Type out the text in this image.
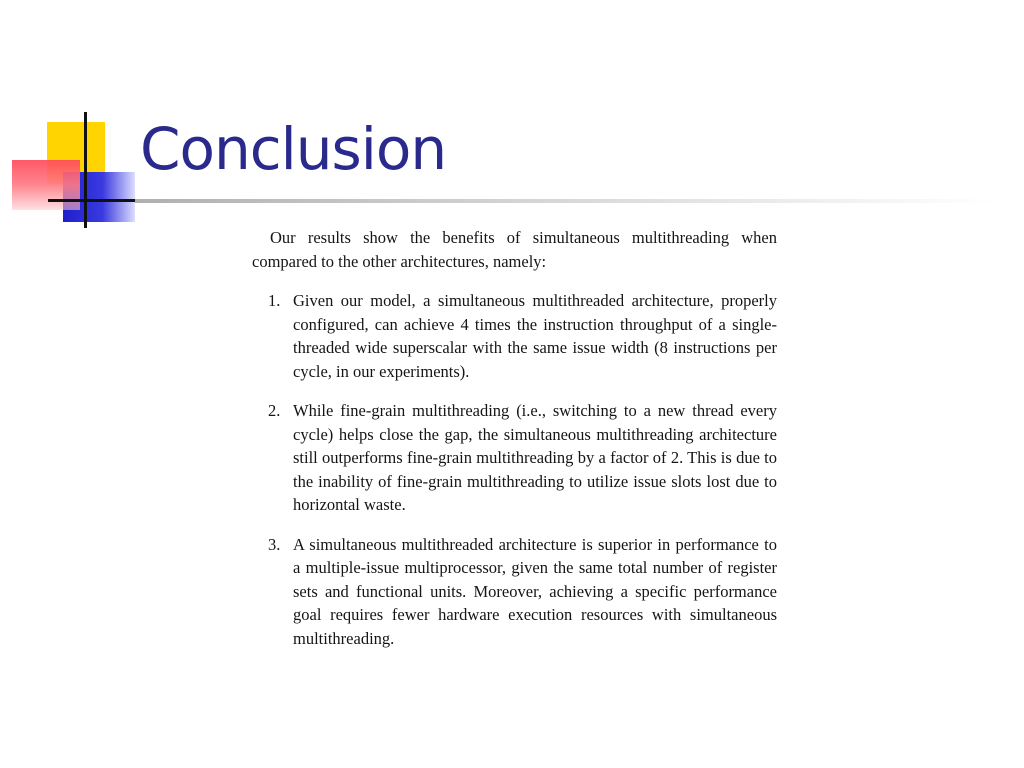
Conclusion

Our results show the benefits of simultaneous multithreading when compared to the other architectures, namely:

1. Given our model, a simultaneous multithreaded architecture, properly configured, can achieve 4 times the instruction throughput of a single-threaded wide superscalar with the same issue width (8 instructions per cycle, in our experiments).
2. While fine-grain multithreading (i.e., switching to a new thread every cycle) helps close the gap, the simultaneous multithreading architecture still outperforms fine-grain multithreading by a factor of 2. This is due to the inability of fine-grain multithreading to utilize issue slots lost due to horizontal waste.
3. A simultaneous multithreaded architecture is superior in performance to a multiple-issue multiprocessor, given the same total number of register sets and functional units. Moreover, achieving a specific performance goal requires fewer hardware execution resources with simultaneous multithreading.
